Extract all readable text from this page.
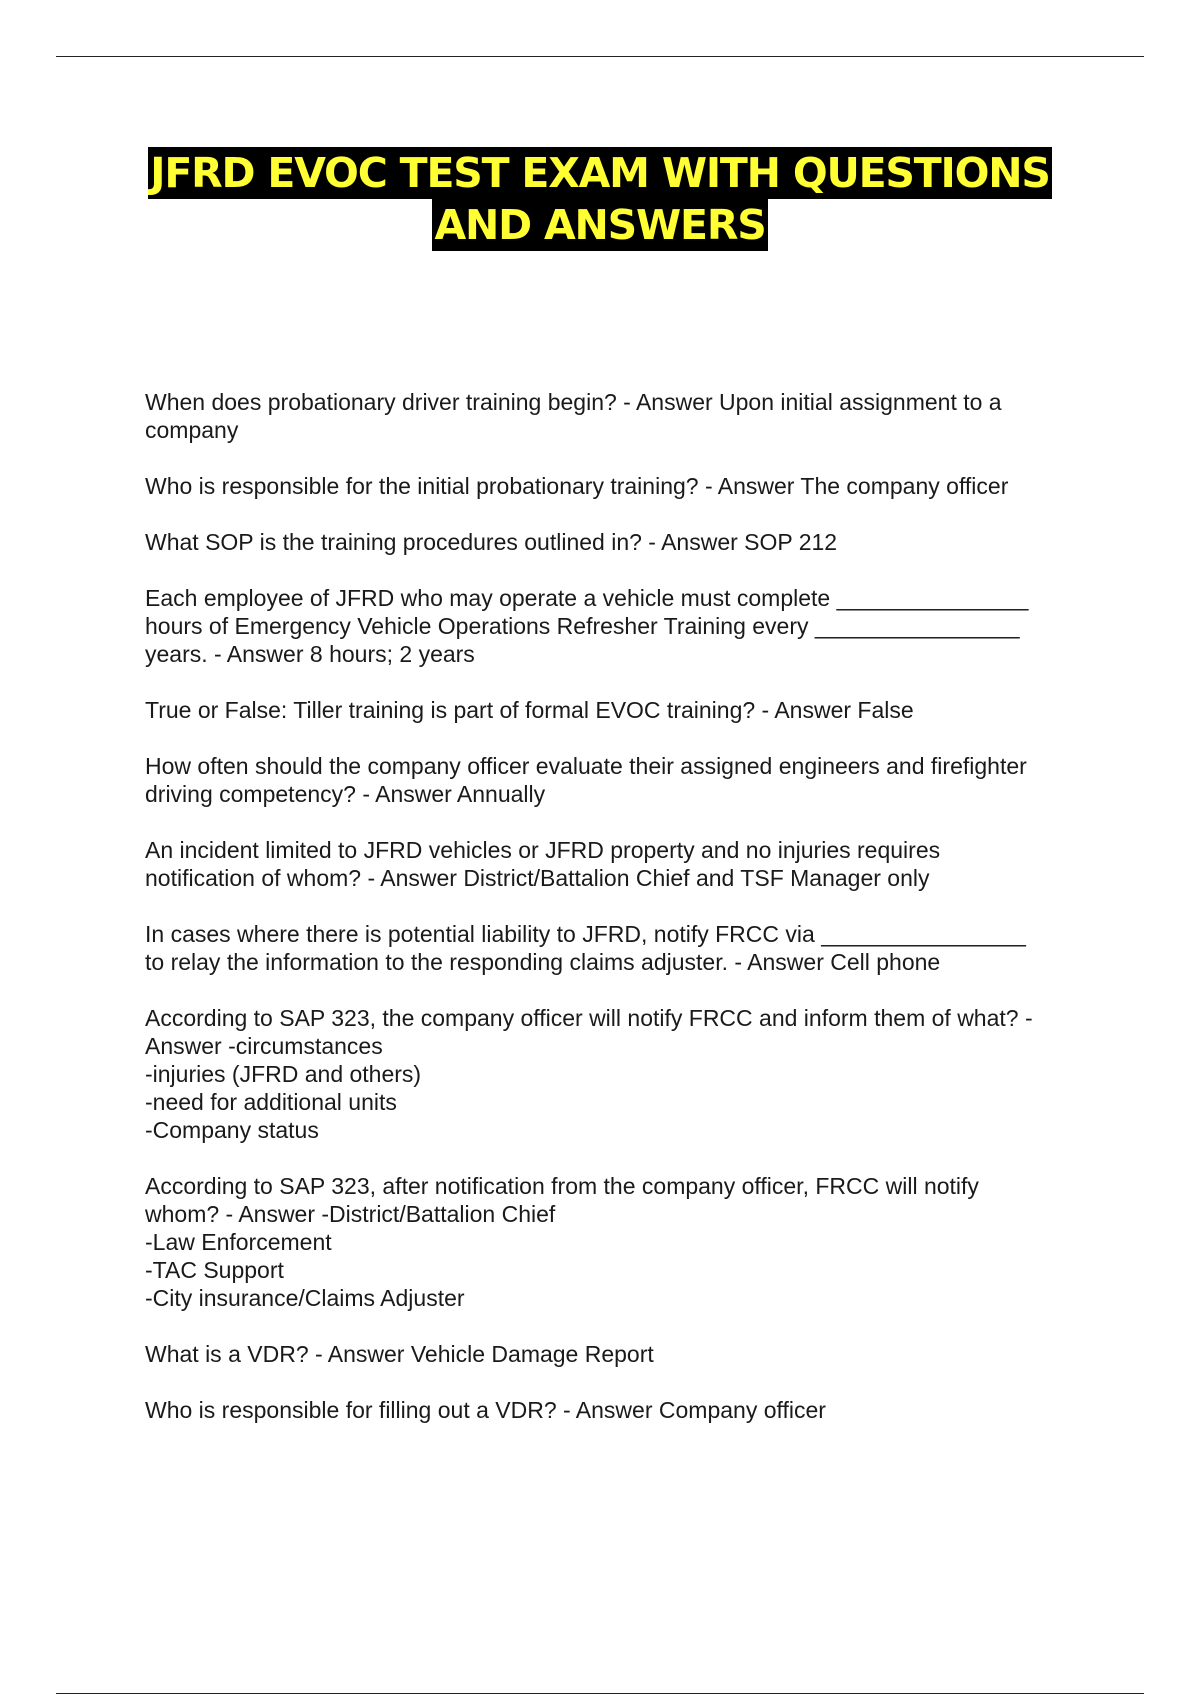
JFRD EVOC TEST EXAM WITH QUESTIONS
AND ANSWERS

When does probationary driver training begin? - Answer Upon initial assignment to a
company

Who is responsible for the initial probationary training? - Answer The company officer

What SOP is the training procedures outlined in? - Answer SOP 212

Each employee of JFRD who may operate a vehicle must complete _______________
hours of Emergency Vehicle Operations Refresher Training every ________________
years. - Answer 8 hours; 2 years

True or False: Tiller training is part of formal EVOC training? - Answer False

How often should the company officer evaluate their assigned engineers and firefighter
driving competency? - Answer Annually

An incident limited to JFRD vehicles or JFRD property and no injuries requires
notification of whom? - Answer District/Battalion Chief and TSF Manager only

In cases where there is potential liability to JFRD, notify FRCC via ________________
to relay the information to the responding claims adjuster. - Answer Cell phone

According to SAP 323, the company officer will notify FRCC and inform them of what? -
Answer -circumstances
-injuries (JFRD and others)
-need for additional units
-Company status

According to SAP 323, after notification from the company officer, FRCC will notify
whom? - Answer -District/Battalion Chief
-Law Enforcement
-TAC Support
-City insurance/Claims Adjuster

What is a VDR? - Answer Vehicle Damage Report

Who is responsible for filling out a VDR? - Answer Company officer
